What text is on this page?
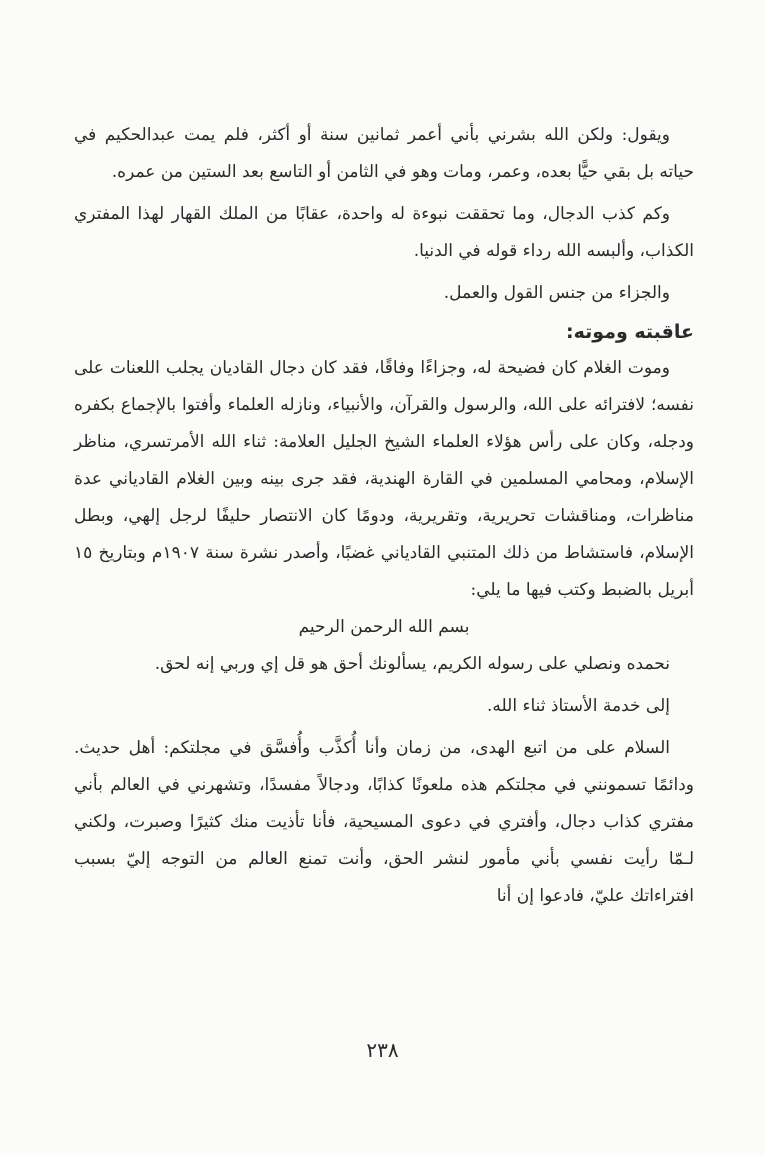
ويقول: ولكن الله بشرني بأني أعمر ثمانين سنة أو أكثر، فلم يمت عبدالحكيم في حياته بل بقي حيًّا بعده، وعمر، ومات وهو في الثامن أو التاسع بعد الستين من عمره.

وكم كذب الدجال، وما تحققت نبوءة له واحدة، عقابًا من الملك القهار لهذا المفتري الكذاب، وألبسه الله رداء قوله في الدنيا.

والجزاء من جنس القول والعمل.

عاقبته وموته:

وموت الغلام كان فضيحة له، وجزاءًا وفاقًا، فقد كان دجال القاديان يجلب اللعنات على نفسه؛ لافترائه على الله، والرسول والقرآن، والأنبياء، ونازله العلماء وأفتوا بالإجماع بكفره ودجله، وكان على رأس هؤلاء العلماء الشيخ الجليل العلامة: ثناء الله الأمرتسري، مناظر الإسلام، ومحامي المسلمين في القارة الهندية، فقد جرى بينه وبين الغلام القادياني عدة مناظرات، ومناقشات تحريرية، وتقريرية، ودومًا كان الانتصار حليفًا لرجل إلهي، وبطل الإسلام، فاستشاط من ذلك المتنبي القادياني غضبًا، وأصدر نشرة سنة ١٩٠٧م وبتاريخ ١٥ أبريل بالضبط وكتب فيها ما يلي:

بسم الله الرحمن الرحيم

نحمده ونصلي على رسوله الكريم، يسألونك أحق هو قل إي وربي إنه لحق.

إلى خدمة الأستاذ ثناء الله.

السلام على من اتبع الهدى، من زمان وأنا أُكذَّب وأُفسَّق في مجلتكم: أهل حديث. ودائمًا تسمونني في مجلتكم هذه ملعونًا كذابًا، ودجالاً مفسدًا، وتشهرني في العالم بأني مفتري كذاب دجال، وأفتري في دعوى المسيحية، فأنا تأذيت منك كثيرًا وصبرت، ولكني لـمّا رأيت نفسي بأني مأمور لنشر الحق، وأنت تمنع العالم من التوجه إليّ بسبب افتراءاتك عليّ، فادعوا إن أنا

٢٣٨
